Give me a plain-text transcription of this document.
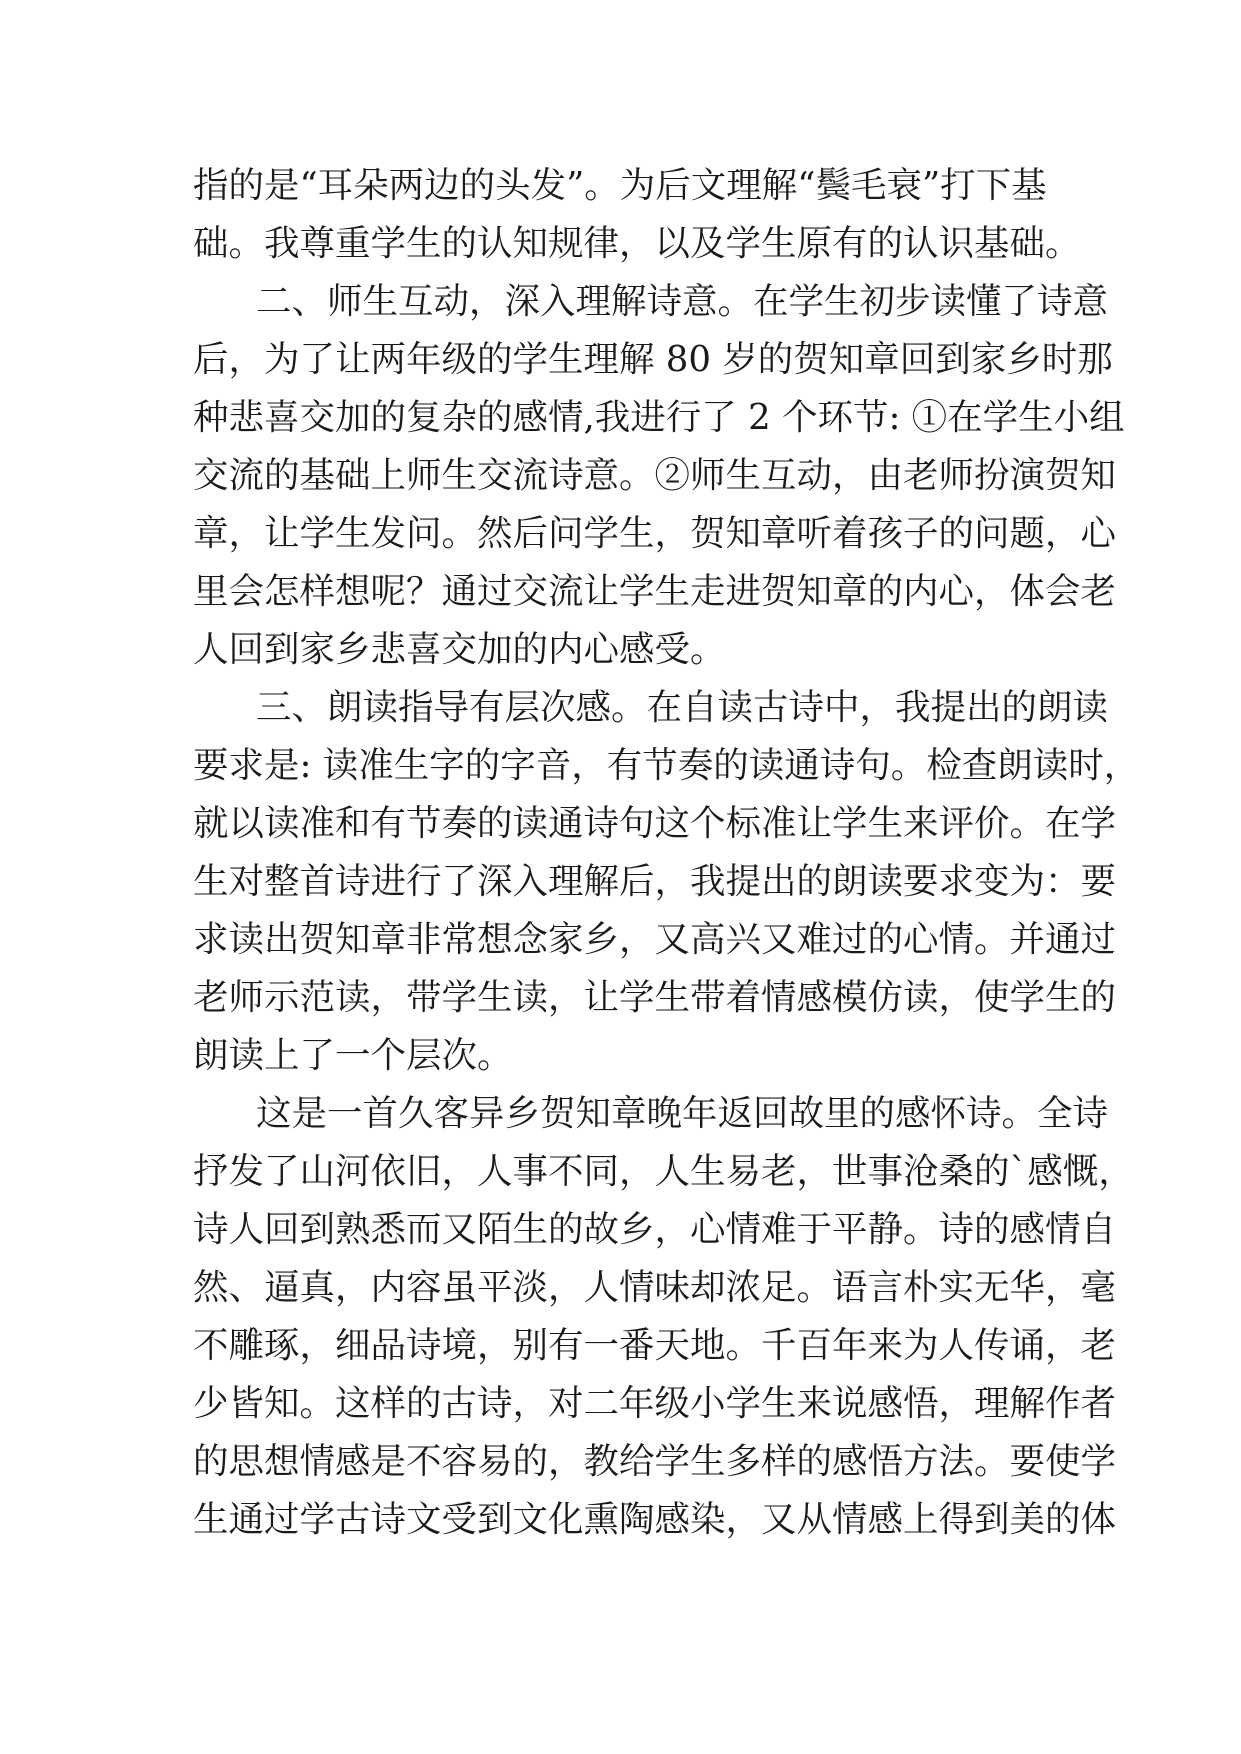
指的是“耳朵两边的头发”。为后文理解“鬓毛衰”打下基
础。我尊重学生的认知规律，以及学生原有的认识基础。
二、师生互动，深入理解诗意。在学生初步读懂了诗意
后，为了让两年级的学生理解 80 岁的贺知章回到家乡时那
种悲喜交加的复杂的感情,我进行了 2 个环节: ①在学生小组
交流的基础上师生交流诗意。②师生互动，由老师扮演贺知
章，让学生发问。然后问学生，贺知章听着孩子的问题，心
里会怎样想呢？通过交流让学生走进贺知章的内心，体会老
人回到家乡悲喜交加的内心感受。
三、朗读指导有层次感。在自读古诗中，我提出的朗读
要求是: 读准生字的字音，有节奏的读通诗句。检查朗读时，
就以读准和有节奏的读通诗句这个标准让学生来评价。在学
生对整首诗进行了深入理解后，我提出的朗读要求变为：要
求读出贺知章非常想念家乡，又高兴又难过的心情。并通过
老师示范读，带学生读，让学生带着情感模仿读，使学生的
朗读上了一个层次。
这是一首久客异乡贺知章晚年返回故里的感怀诗。全诗
抒发了山河依旧，人事不同，人生易老，世事沧桑的`感慨，
诗人回到熟悉而又陌生的故乡，心情难于平静。诗的感情自
然、逼真，内容虽平淡，人情味却浓足。语言朴实无华，毫
不雕琢，细品诗境，别有一番天地。千百年来为人传诵，老
少皆知。这样的古诗，对二年级小学生来说感悟，理解作者
的思想情感是不容易的，教给学生多样的感悟方法。要使学
生通过学古诗文受到文化熏陶感染，又从情感上得到美的体
